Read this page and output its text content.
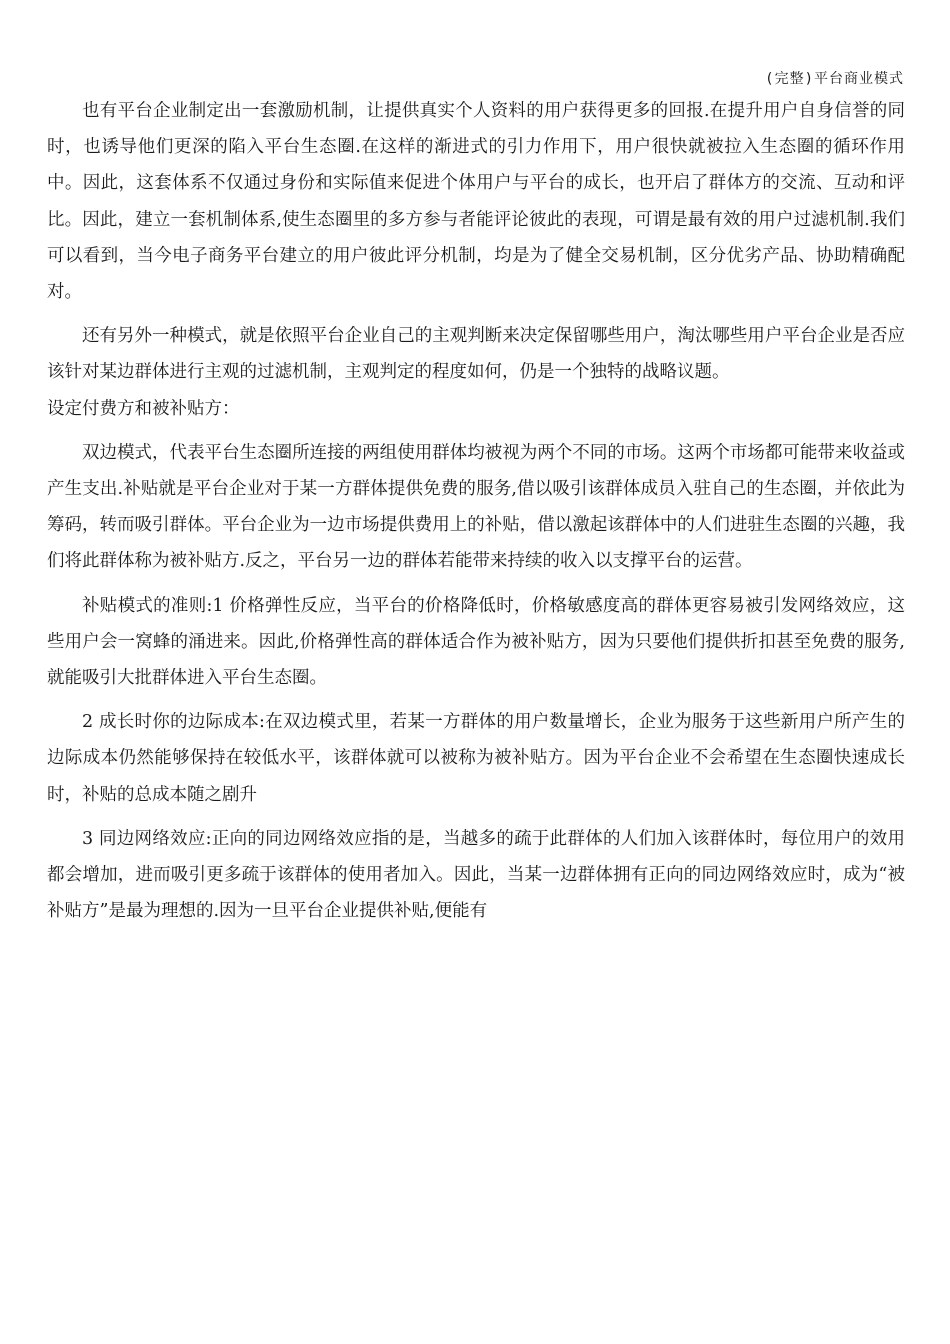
(完整)平台商业模式

也有平台企业制定出一套激励机制，让提供真实个人资料的用户获得更多的回报.在提升用户自身信誉的同时，也诱导他们更深的陷入平台生态圈.在这样的渐进式的引力作用下，用户很快就被拉入生态圈的循环作用中。因此，这套体系不仅通过身份和实际值来促进个体用户与平台的成长，也开启了群体方的交流、互动和评比。因此，建立一套机制体系,使生态圈里的多方参与者能评论彼此的表现，可谓是最有效的用户过滤机制.我们可以看到，当今电子商务平台建立的用户彼此评分机制，均是为了健全交易机制，区分优劣产品、协助精确配对。

还有另外一种模式，就是依照平台企业自己的主观判断来决定保留哪些用户，淘汰哪些用户平台企业是否应该针对某边群体进行主观的过滤机制，主观判定的程度如何，仍是一个独特的战略议题。

设定付费方和被补贴方：

双边模式，代表平台生态圈所连接的两组使用群体均被视为两个不同的市场。这两个市场都可能带来收益或产生支出.补贴就是平台企业对于某一方群体提供免费的服务,借以吸引该群体成员入驻自己的生态圈，并依此为筹码，转而吸引群体。平台企业为一边市场提供费用上的补贴，借以激起该群体中的人们进驻生态圈的兴趣，我们将此群体称为被补贴方.反之，平台另一边的群体若能带来持续的收入以支撑平台的运营。

补贴模式的准则:1 价格弹性反应，当平台的价格降低时，价格敏感度高的群体更容易被引发网络效应，这些用户会一窝蜂的涌进来。因此,价格弹性高的群体适合作为被补贴方，因为只要他们提供折扣甚至免费的服务,就能吸引大批群体进入平台生态圈。

2 成长时你的边际成本:在双边模式里，若某一方群体的用户数量增长，企业为服务于这些新用户所产生的边际成本仍然能够保持在较低水平，该群体就可以被称为被补贴方。因为平台企业不会希望在生态圈快速成长时，补贴的总成本随之剧升

3 同边网络效应:正向的同边网络效应指的是，当越多的疏于此群体的人们加入该群体时，每位用户的效用都会增加，进而吸引更多疏于该群体的使用者加入。因此，当某一边群体拥有正向的同边网络效应时，成为“被补贴方”是最为理想的.因为一旦平台企业提供补贴,便能有
